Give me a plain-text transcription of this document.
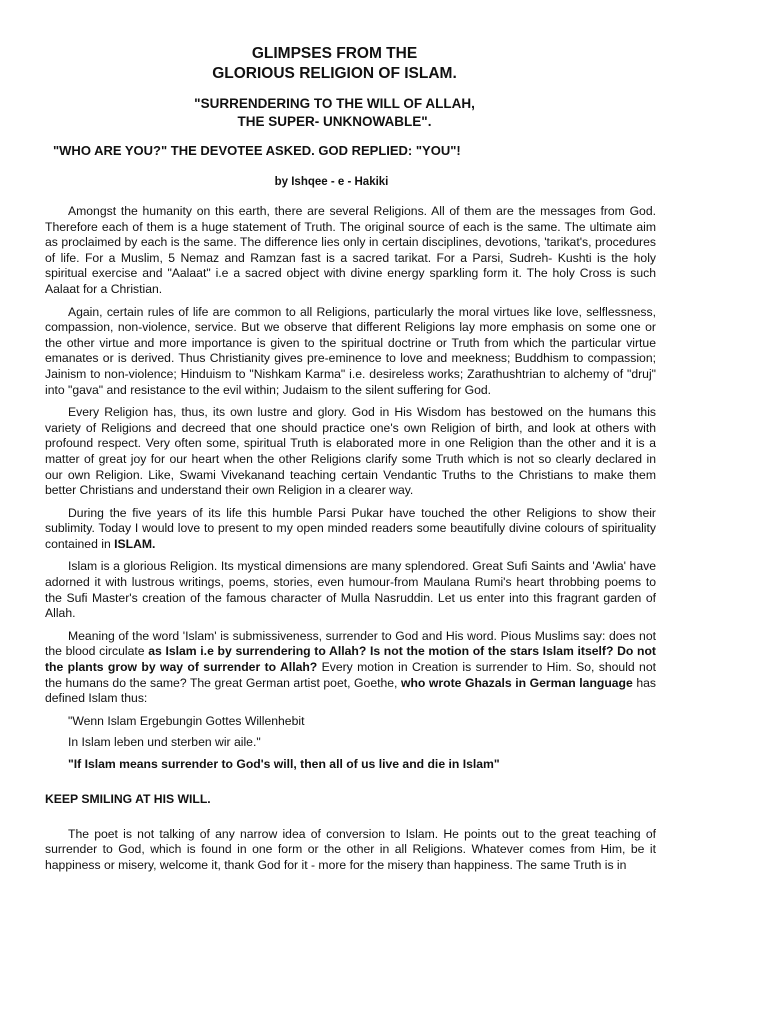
GLIMPSES FROM THE
GLORIOUS RELIGION OF ISLAM.
"SURRENDERING TO THE WILL OF ALLAH,
THE SUPER- UNKNOWABLE".
"WHO ARE YOU?" THE DEVOTEE ASKED. GOD REPLIED: "YOU"!
by Ishqee - e - Hakiki

Amongst the humanity on this earth, there are several Religions. All of them are the messages from God. Therefore each of them is a huge statement of Truth. The original source of each is the same. The ultimate aim as proclaimed by each is the same. The difference lies only in certain disciplines, devotions, 'tarikat's, procedures of life. For a Muslim, 5 Nemaz and Ramzan fast is a sacred tarikat. For a Parsi, Sudreh- Kushti is the holy spiritual exercise and "Aalaat" i.e a sacred object with divine energy sparkling form it. The holy Cross is such Aalaat for a Christian.

Again, certain rules of life are common to all Religions, particularly the moral virtues like love, selflessness, compassion, non-violence, service. But we observe that different Religions lay more emphasis on some one or the other virtue and more importance is given to the spiritual doctrine or Truth from which the particular virtue emanates or is derived. Thus Christianity gives pre-eminence to love and meekness; Buddhism to compassion; Jainism to non-violence; Hinduism to "Nishkam Karma" i.e. desireless works; Zarathushtrian to alchemy of "druj" into "gava" and resistance to the evil within; Judaism to the silent suffering for God.

Every Religion has, thus, its own lustre and glory. God in His Wisdom has bestowed on the humans this variety of Religions and decreed that one should practice one's own Religion of birth, and look at others with profound respect. Very often some, spiritual Truth is elaborated more in one Religion than the other and it is a matter of great joy for our heart when the other Religions clarify some Truth which is not so clearly declared in our own Religion. Like, Swami Vivekanand teaching certain Vendantic Truths to the Christians to make them better Christians and understand their own Religion in a clearer way.

During the five years of its life this humble Parsi Pukar have touched the other Religions to show their sublimity. Today I would love to present to my open minded readers some beautifully divine colours of spirituality contained in ISLAM.

Islam is a glorious Religion. Its mystical dimensions are many splendored. Great Sufi Saints and 'Awlia' have adorned it with lustrous writings, poems, stories, even humour-from Maulana Rumi's heart throbbing poems to the Sufi Master's creation of the famous character of Mulla Nasruddin. Let us enter into this fragrant garden of Allah.

Meaning of the word 'Islam' is submissiveness, surrender to God and His word. Pious Muslims say: does not the blood circulate as Islam i.e by surrendering to Allah? Is not the motion of the stars Islam itself? Do not the plants grow by way of surrender to Allah? Every motion in Creation is surrender to Him. So, should not the humans do the same? The great German artist poet, Goethe, who wrote Ghazals in German language has defined Islam thus:

"Wenn Islam Ergebungin Gottes Willenhebit

In Islam leben und sterben wir aile."

"If Islam means surrender to God's will, then all of us live and die in Islam"

KEEP SMILING AT HIS WILL.

The poet is not talking of any narrow idea of conversion to Islam. He points out to the great teaching of surrender to God, which is found in one form or the other in all Religions. Whatever comes from Him, be it happiness or misery, welcome it, thank God for it - more for the misery than happiness. The same Truth is in
